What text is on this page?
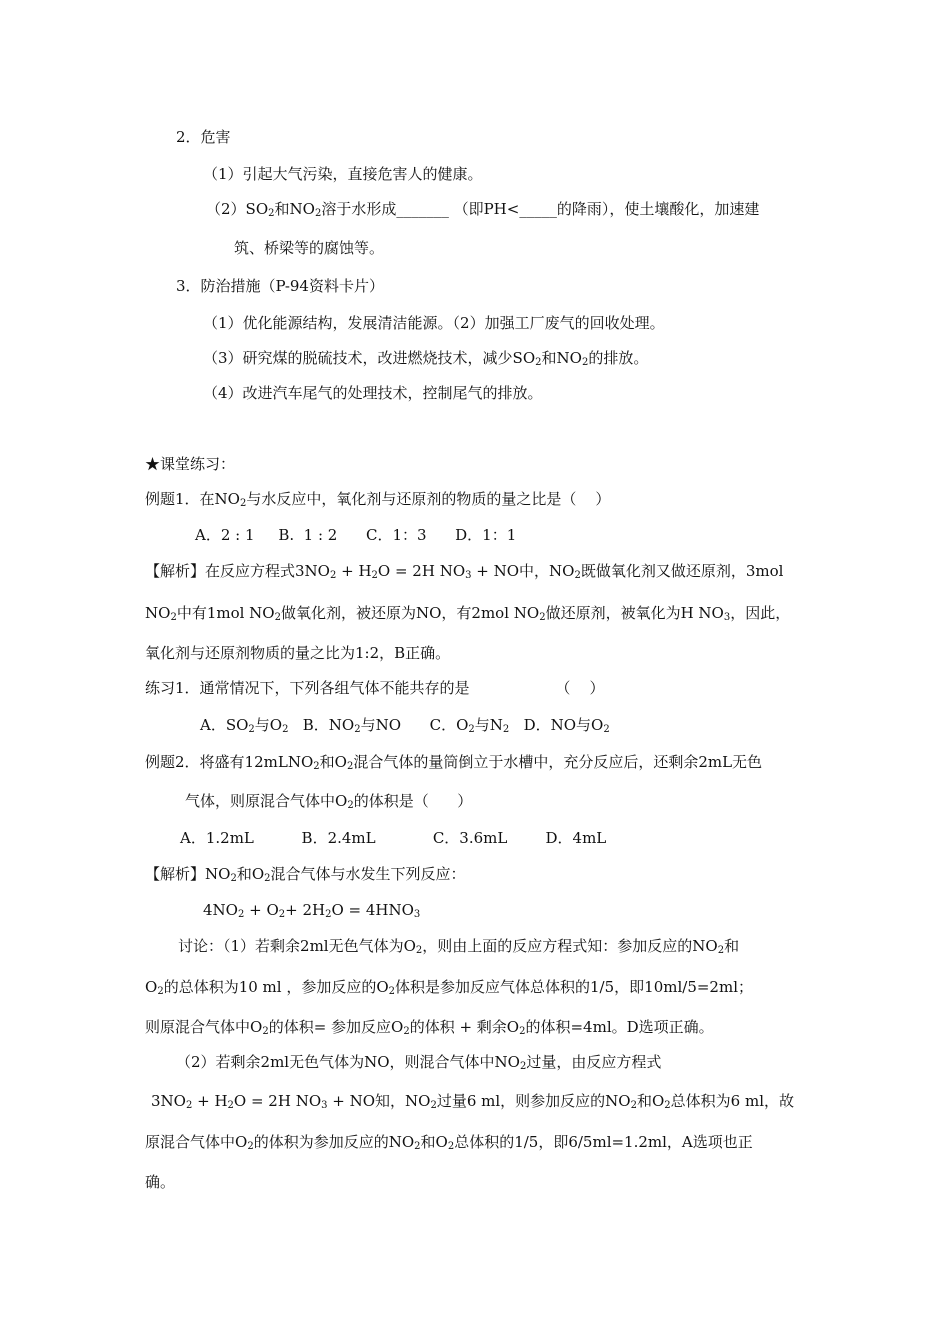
2．危害
（1）引起大气污染，直接危害人的健康。
$(2)SO_2$和$NO_2$溶于水形成_______ （即PH<_____的降雨），使土壤酸化，加速建
筑、桥梁等的腐蚀等。
3．防治措施（P-94资料卡片）
（1）优化能源结构，发展清洁能源。（2）加强工厂废气的回收处理。
（3）研究煤的脱硫技术，改进燃烧技术，减少$SO_2$和$NO_2$的排放。
（4）改进汽车尾气的处理技术，控制尾气的排放。
★课堂练习：
例题1．在$NO_2$与水反应中，氧化剂与还原剂的物质的量之比是（    ）
A．2 : 1     B.  1 : 2      C．1：3      D．1：1
【解析】在反应方程式$3NO_2 + H_2O = 2H$ $NO_3$ + NO中，$NO_2$既做氧化剂又做还原剂，3mol
$NO_2$中有1mol $NO_2$做氧化剂，被还原为NO，有2mol $NO_2$做还原剂，被氧化为H $NO_3$，因此，
氧化剂与还原剂物质的量之比为1:2，B正确。
练习1．通常情况下，下列各组气体不能共存的是                  （    ）
A．$SO_2$与$O_2$   B．$NO_2$与NO      C．$O_2$与$N_2$   D．NO与$O_2$
例题2．将盛有12mLNO$_2$和$O_2$混合气体的量筒倒立于水槽中，充分反应后，还剩余2mL无色
气体，则原混合气体中$O_2$的体积是（      ）
A．1.2mL          B．2.4mL            C．3.6mL        D．4mL
【解析】$NO_2$和$O_2$混合气体与水发生下列反应：
$4NO_2 + O_2+ 2H_2O = 4HNO_3$
讨论：（1）若剩余2ml无色气体为$O_2$，则由上面的反应方程式知：参加反应的$NO_2$和
$O_2$的总体积为10 ml ，参加反应的$O_2$体积是参加反应气体总体积的1/5，即10ml/5=2ml；
则原混合气体中$O_2$的体积= 参加反应$O_2$的体积 + 剩余$O_2$的体积=4ml。D选项正确。
（2）若剩余2ml无色气体为NO，则混合气体中$NO_2$过量，由反应方程式
$3NO_2 + H_2O = 2H$ $NO_3$ + NO知，$NO_2$过量6 ml，则参加反应的$NO_2$和$O_2$总体积为6 ml，故
原混合气体中$O_2$的体积为参加反应的$NO_2$和$O_2$总体积的1/5，即6/5ml=1.2ml，A选项也正
确。
